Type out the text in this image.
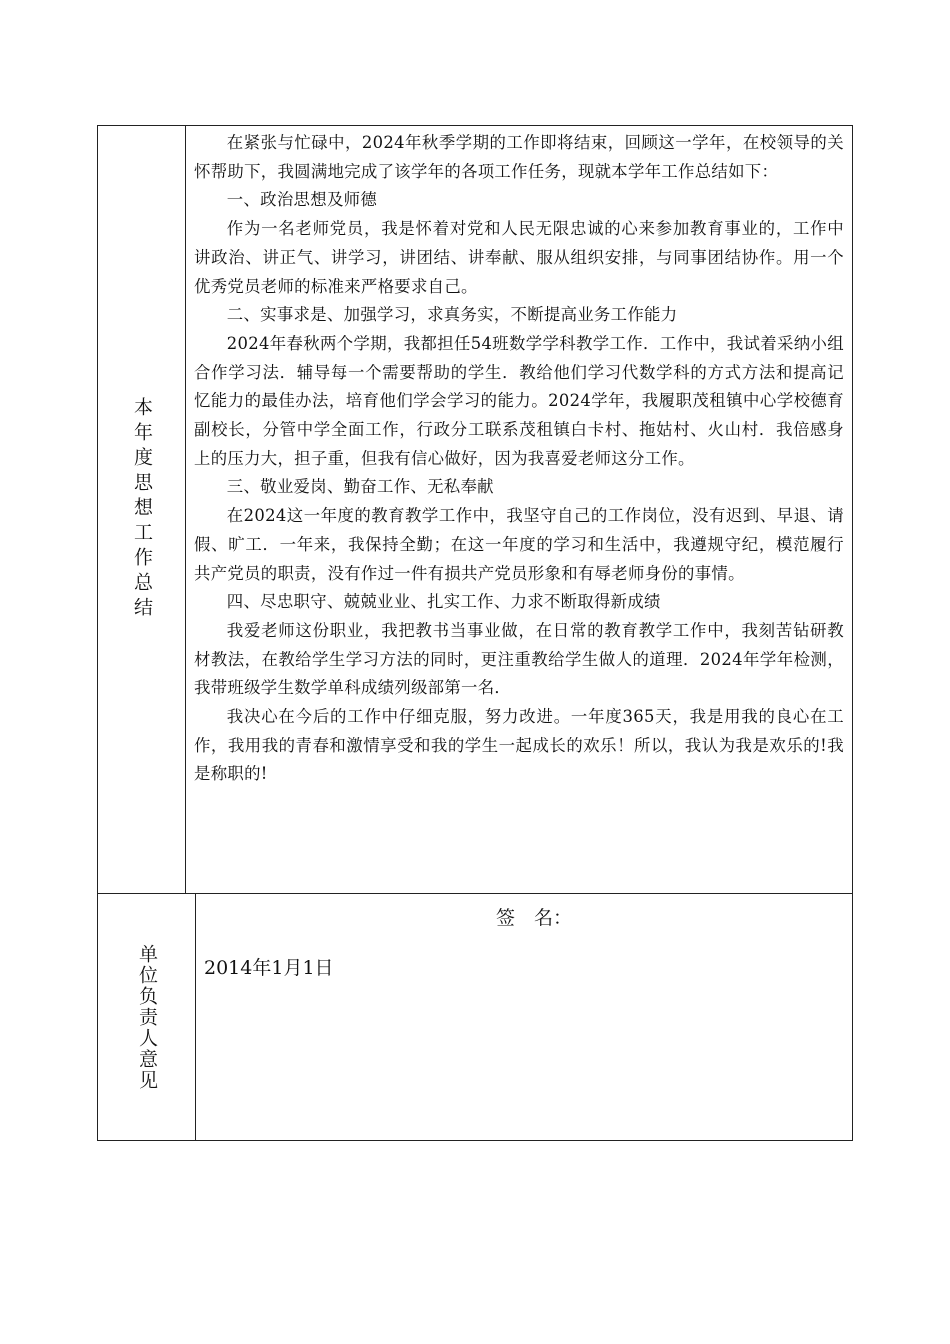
本年度思想工作总结

在紧张与忙碌中，2024年秋季学期的工作即将结束，回顾这一学年，在校领导的关怀帮助下，我圆满地完成了该学年的各项工作任务，现就本学年工作总结如下：

一、政治思想及师德

作为一名老师党员，我是怀着对党和人民无限忠诚的心来参加教育事业的，工作中讲政治、讲正气、讲学习，讲团结、讲奉献、服从组织安排，与同事团结协作。用一个优秀党员老师的标准来严格要求自己。

二、实事求是、加强学习，求真务实，不断提高业务工作能力

2024年春秋两个学期，我都担任54班数学学科教学工作．工作中，我试着采纳小组合作学习法．辅导每一个需要帮助的学生．教给他们学习代数学科的方式方法和提高记忆能力的最佳办法，培育他们学会学习的能力。2024学年，我履职茂租镇中心学校德育副校长，分管中学全面工作，行政分工联系茂租镇白卡村、拖姑村、火山村．我倍感身上的压力大，担子重，但我有信心做好，因为我喜爱老师这分工作。

三、敬业爱岗、勤奋工作、无私奉献

在2024这一年度的教育教学工作中，我坚守自己的工作岗位，没有迟到、早退、请假、旷工．一年来，我保持全勤；在这一年度的学习和生活中，我遵规守纪，模范履行共产党员的职责，没有作过一件有损共产党员形象和有辱老师身份的事情。

四、尽忠职守、兢兢业业、扎实工作、力求不断取得新成绩

我爱老师这份职业，我把教书当事业做，在日常的教育教学工作中，我刻苦钻研教材教法，在教给学生学习方法的同时，更注重教给学生做人的道理．2024年学年检测，我带班级学生数学单科成绩列级部第一名．

我决心在今后的工作中仔细克服，努力改进。一年度365天，我是用我的良心在工作，我用我的青春和激情享受和我的学生一起成长的欢乐！所以，我认为我是欢乐的!我是称职的!

单位负责人意见
签　名：
2014年1月1日
